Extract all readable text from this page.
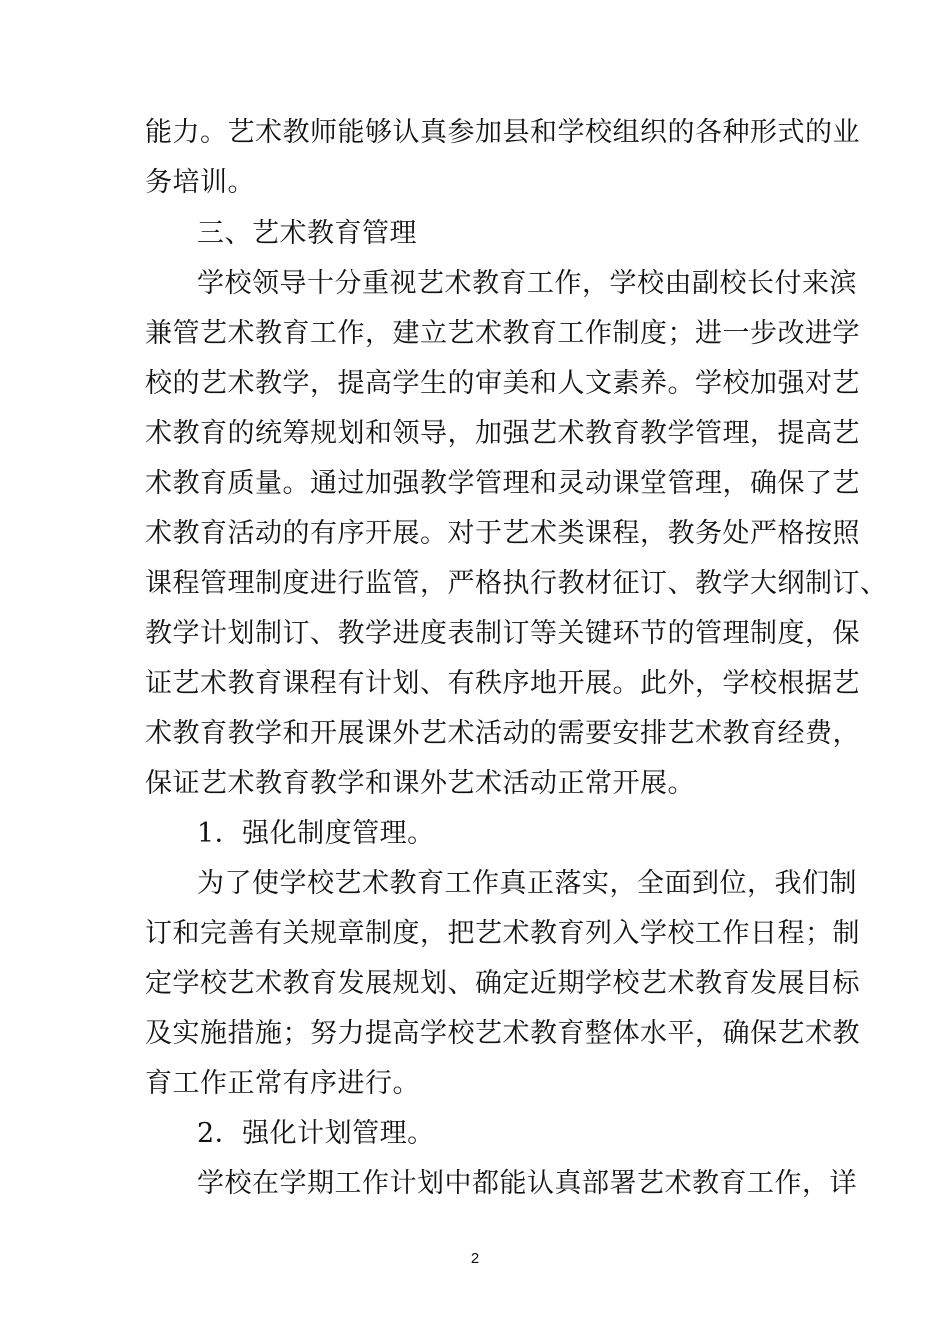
能力。艺术教师能够认真参加县和学校组织的各种形式的业
务培训。
三、艺术教育管理
学校领导十分重视艺术教育工作，学校由副校长付来滨
兼管艺术教育工作，建立艺术教育工作制度；进一步改进学
校的艺术教学，提高学生的审美和人文素养。学校加强对艺
术教育的统筹规划和领导，加强艺术教育教学管理，提高艺
术教育质量。通过加强教学管理和灵动课堂管理，确保了艺
术教育活动的有序开展。对于艺术类课程，教务处严格按照
课程管理制度进行监管，严格执行教材征订、教学大纲制订、
教学计划制订、教学进度表制订等关键环节的管理制度，保
证艺术教育课程有计划、有秩序地开展。此外，学校根据艺
术教育教学和开展课外艺术活动的需要安排艺术教育经费，
保证艺术教育教学和课外艺术活动正常开展。
1．强化制度管理。
为了使学校艺术教育工作真正落实，全面到位，我们制
订和完善有关规章制度，把艺术教育列入学校工作日程；制
定学校艺术教育发展规划、确定近期学校艺术教育发展目标
及实施措施；努力提高学校艺术教育整体水平，确保艺术教
育工作正常有序进行。
2．强化计划管理。
学校在学期工作计划中都能认真部署艺术教育工作，详
2
